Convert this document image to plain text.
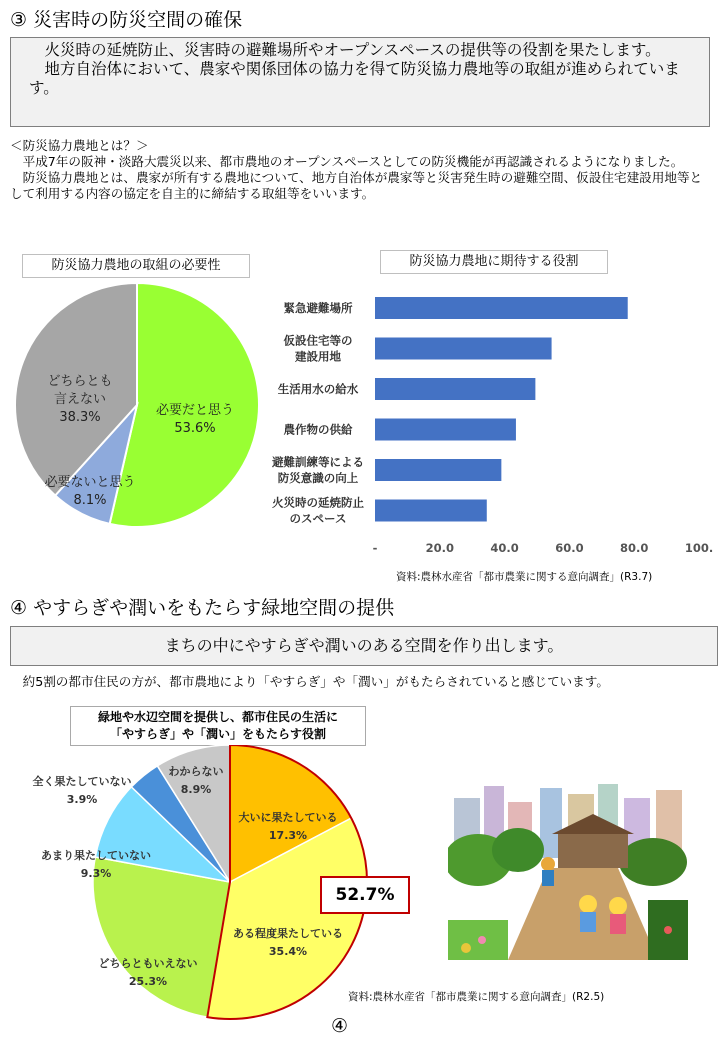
③ 災害時の防災空間の確保

火災時の延焼防止、災害時の避難場所やオープンスペースの提供等の役割を果たします。

地方自治体において、農家や関係団体の協力を得て防災協力農地等の取組が進められています。

＜防災協力農地とは？＞

平成7年の阪神・淡路大震災以来、都市農地のオープンスペースとしての防災機能が再認識されるようになりました。

防災協力農地とは、農家が所有する農地について、地方自治体が農家等と災害発生時の避難空間、仮設住宅建設用地等として利用する内容の協定を自主的に締結する取組等をいいます。

防災協力農地の取組の必要性	防災協力農地に期待する役割
必要だと思う 53.6%
必要ないと思う 8.1%
どちらとも言えない 38.3%
緊急避難場所
仮設住宅等の建設用地
生活用水の給水
農作物の供給
避難訓練等による防災意識の向上
火災時の延焼防止のスペース
-	20.0	40.0	60.0	80.0	100.
資料:農林水産省「都市農業に関する意向調査」(R3.7)
④ やすらぎや潤いをもたらす緑地空間の提供
まちの中にやすらぎや潤いのある空間を作り出します。

約5割の都市住民の方が、都市農地により「やすらぎ」や「潤い」がもたらされていると感じています。

緑地や水辺空間を提供し、都市住民の生活に
「やすらぎ」や「潤い」をもたらす役割
大いに果たしている 17.3%
ある程度果たしている 35.4%
どちらともいえない 25.3%
あまり果たしていない 9.3%
全く果たしていない 3.9%
わからない 8.9%
52.7%
資料:農林水産省「都市農業に関する意向調査」(R2.5)
④
